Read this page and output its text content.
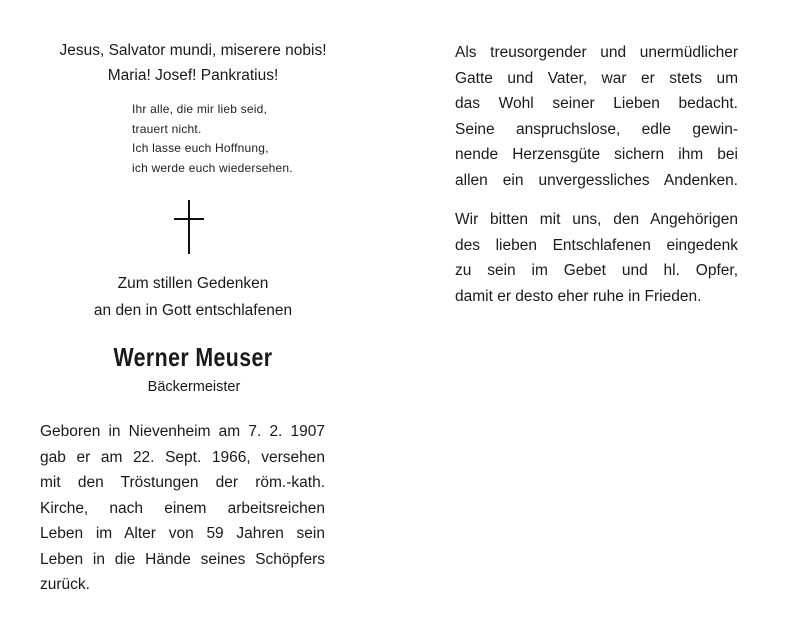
Jesus, Salvator mundi, miserere nobis!
Maria! Josef! Pankratius!
Ihr alle, die mir lieb seid,
trauert nicht.
Ich lasse euch Hoffnung,
ich werde euch wiedersehen.
Zum stillen Gedenken
an den in Gott entschlafenen
Werner Meuser
Bäckermeister
Geboren in Nievenheim am 7. 2. 1907
gab er am 22. Sept. 1966, versehen
mit den Tröstungen der röm.-kath.
Kirche, nach einem arbeitsreichen
Leben im Alter von 59 Jahren sein
Leben in die Hände seines Schöpfers
zurück.
Als treusorgender und unermüdlicher
Gatte und Vater, war er stets um
das Wohl seiner Lieben bedacht.
Seine anspruchslose, edle gewin-
nende Herzensgüte sichern ihm bei
allen ein unvergessliches Andenken.
Wir bitten mit uns, den Angehörigen
des lieben Entschlafenen eingedenk
zu sein im Gebet und hl. Opfer,
damit er desto eher ruhe in Frieden.
